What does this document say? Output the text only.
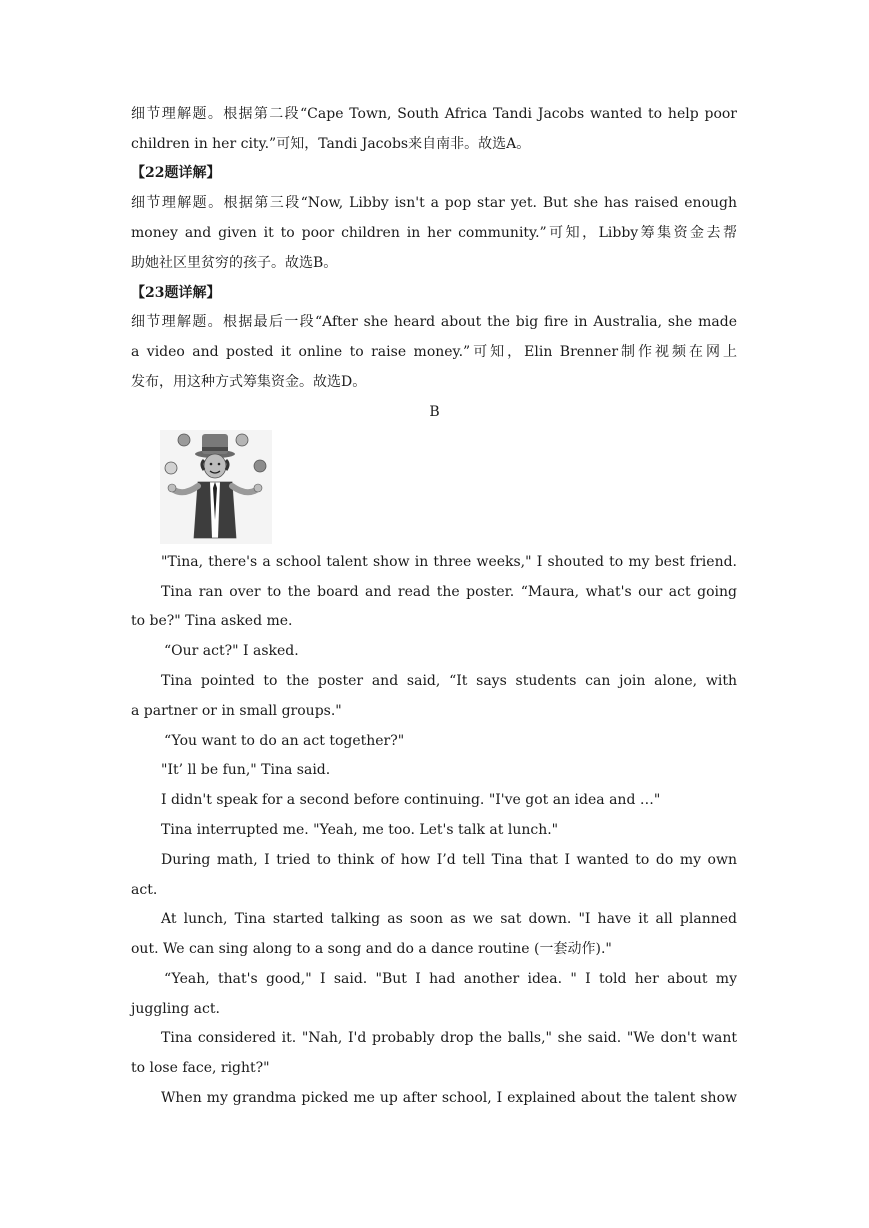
细节理解题。根据第二段“Cape Town, South Africa Tandi Jacobs wanted to help poor
children in her city.”可知，Tandi Jacobs来自南非。故选A。
【22题详解】
细节理解题。根据第三段“Now, Libby isn't a pop star yet. But she has raised enough
money and given it to poor children in her community.”可知，Libby筹集资金去帮
助她社区里贫穷的孩子。故选B。
【23题详解】
细节理解题。根据最后一段“After she heard about the big fire in Australia, she made
a video and posted it online to raise money.”可知，Elin Brenner制作视频在网上
发布，用这种方式筹集资金。故选D。
B
"Tina, there's a school talent show in three weeks," I shouted to my best friend.
Tina ran over to the board and read the poster. “Maura, what's our act going
to be?" Tina asked me.
“Our act?" I asked.
Tina pointed to the poster and said, “It says students can join alone, with
a partner or in small groups."
“You want to do an act together?"
"It’ ll be fun," Tina said.
I didn't speak for a second before continuing. "I've got an idea and …"
Tina interrupted me. "Yeah, me too. Let's talk at lunch."
During math, I tried to think of how I’d tell Tina that I wanted to do my own
act.
At lunch, Tina started talking as soon as we sat down. "I have it all planned
out. We can sing along to a song and do a dance routine (一套动作)."
“Yeah, that's good," I said. "But I had another idea. " I told her about my
juggling act.
Tina considered it. "Nah, I'd probably drop the balls," she said. "We don't want
to lose face, right?"
When my grandma picked me up after school, I explained about the talent show
